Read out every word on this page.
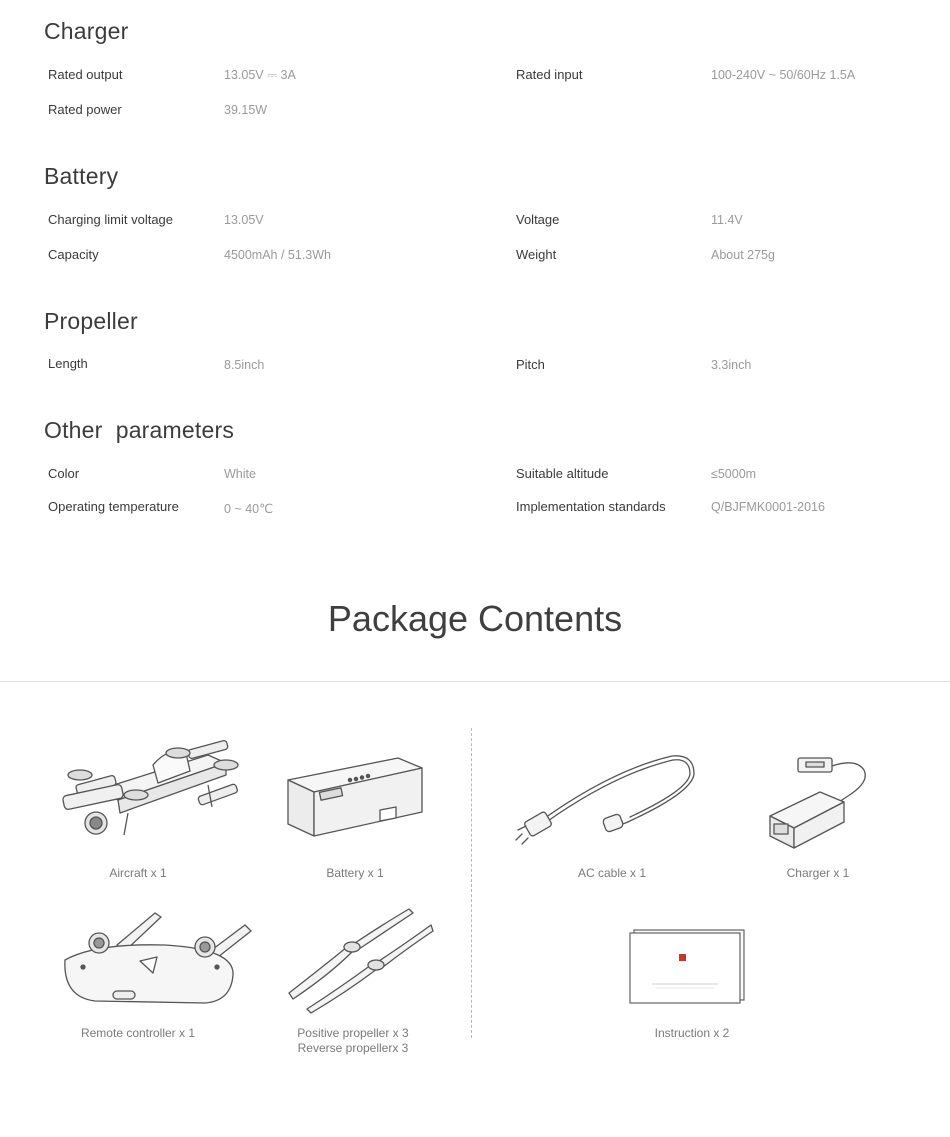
Charger
Rated output	13.05V ⎓ 3A	Rated input	100-240V ~ 50/60Hz 1.5A
Rated power	39.15W
Battery
Charging limit voltage	13.05V	Voltage	11.4V
Capacity	4500mAh / 51.3Wh	Weight	About 275g
Propeller
Length	8.5inch	Pitch	3.3inch
Other  parameters
Color	White	Suitable altitude	≤5000m
Operating temperature	0 ~ 40℃	Implementation standards	Q/BJFMK0001-2016
Package Contents
Aircraft x 1	Battery x 1	AC cable x 1	Charger x 1
Remote controller x 1	Positive propeller x 3
Reverse propellerx 3
Instruction x 2
